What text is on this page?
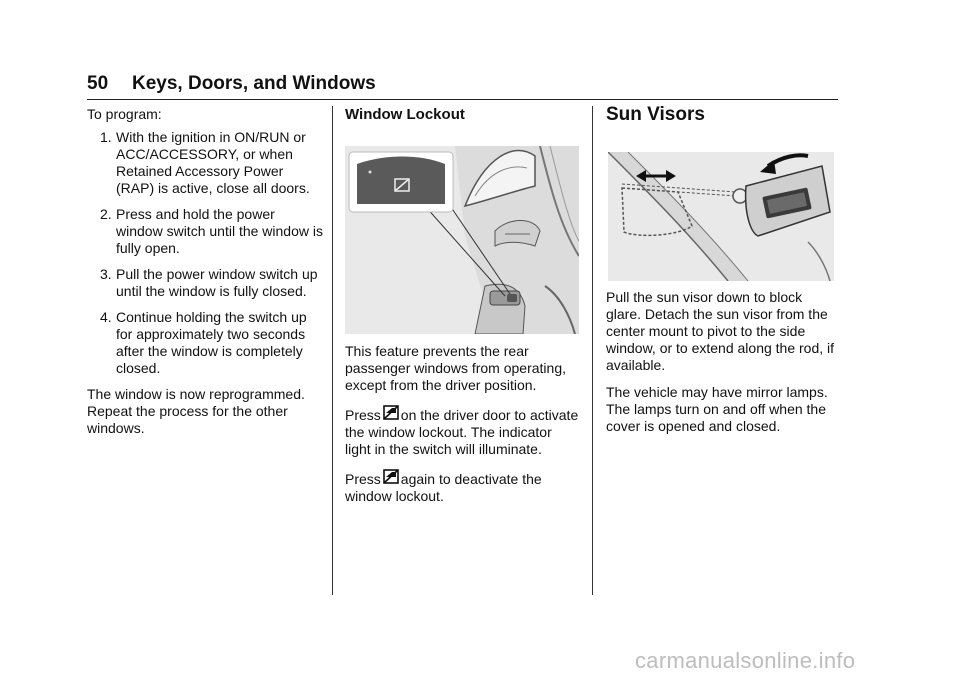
50 Keys, Doors, and Windows

To program:

1. With the ignition in ON/RUN or ACC/ACCESSORY, or when Retained Accessory Power (RAP) is active, close all doors.
2. Press and hold the power window switch until the window is fully open.
3. Pull the power window switch up until the window is fully closed.
4. Continue holding the switch up for approximately two seconds after the window is completely closed.

The window is now reprogrammed. Repeat the process for the other windows.

Window Lockout

This feature prevents the rear passenger windows from operating, except from the driver position.

Press on the driver door to activate the window lockout. The indicator light in the switch will illuminate.

Press again to deactivate the window lockout.

Sun Visors

Pull the sun visor down to block glare. Detach the sun visor from the center mount to pivot to the side window, or to extend along the rod, if available.

The vehicle may have mirror lamps. The lamps turn on and off when the cover is opened and closed.

carmanualsonline.info
